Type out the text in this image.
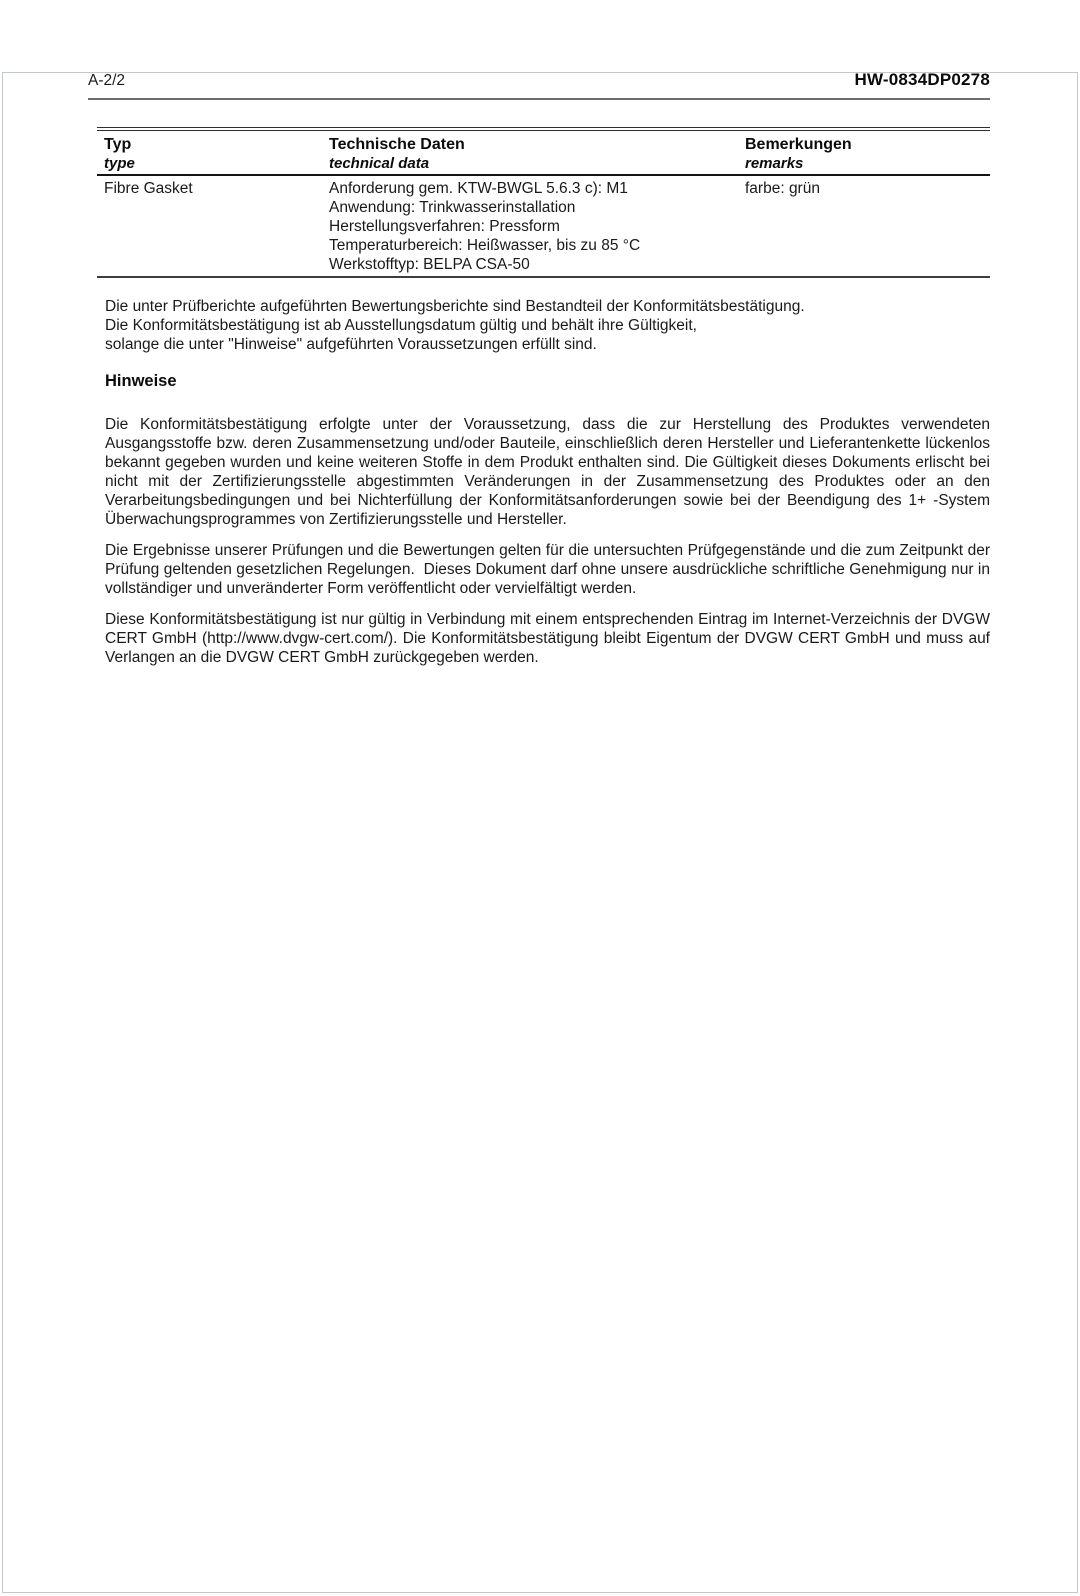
A-2/2	HW-0834DP0278
Typ
type
Technische Daten
technical data
Bemerkungen
remarks
Fibre Gasket	Anforderung gem. KTW-BWGL 5.6.3 c): M1
Anwendung: Trinkwasserinstallation
Herstellungsverfahren: Pressform
Temperaturbereich: Heißwasser, bis zu 85 °C
Werkstofftyp: BELPA CSA-50
farbe: grün
Die unter Prüfberichte aufgeführten Bewertungsberichte sind Bestandteil der Konformitätsbestätigung.
Die Konformitätsbestätigung ist ab Ausstellungsdatum gültig und behält ihre Gültigkeit,
solange die unter "Hinweise" aufgeführten Voraussetzungen erfüllt sind.
Hinweise
Die Konformitätsbestätigung erfolgte unter der Voraussetzung, dass die zur Herstellung des Produktes verwendeten Ausgangsstoffe bzw. deren Zusammensetzung und/oder Bauteile, einschließlich deren Hersteller und Lieferantenkette lückenlos bekannt gegeben wurden und keine weiteren Stoffe in dem Produkt enthalten sind. Die Gültigkeit dieses Dokuments erlischt bei nicht mit der Zertifizierungsstelle abgestimmten Veränderungen in der Zusammensetzung des Produktes oder an den Verarbeitungsbedingungen und bei Nichterfüllung der Konformitätsanforderungen sowie bei der Beendigung des 1+ -System Überwachungsprogrammes von Zertifizierungsstelle und Hersteller.
Die Ergebnisse unserer Prüfungen und die Bewertungen gelten für die untersuchten Prüfgegenstände und die zum Zeitpunkt der Prüfung geltenden gesetzlichen Regelungen.  Dieses Dokument darf ohne unsere ausdrückliche schriftliche Genehmigung nur in vollständiger und unveränderter Form veröffentlicht oder vervielfältigt werden.
Diese Konformitätsbestätigung ist nur gültig in Verbindung mit einem entsprechenden Eintrag im Internet-Verzeichnis der DVGW CERT GmbH (http://www.dvgw-cert.com/). Die Konformitätsbestätigung bleibt Eigentum der DVGW CERT GmbH und muss auf Verlangen an die DVGW CERT GmbH zurückgegeben werden.
